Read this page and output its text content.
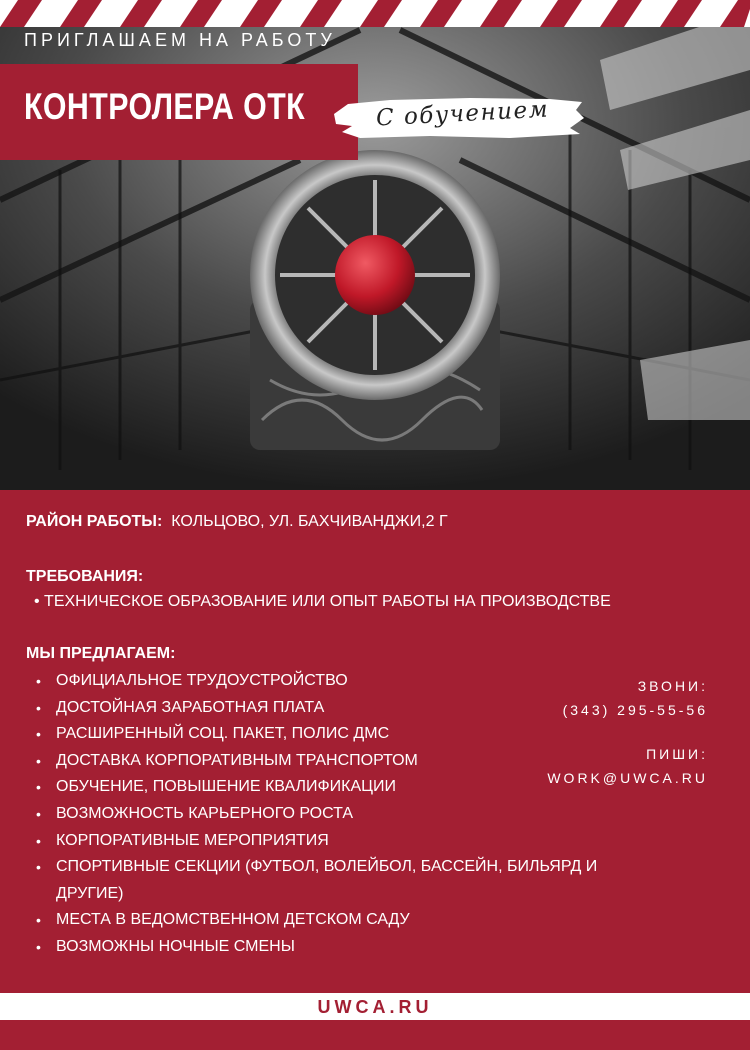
ПРИГЛАШАЕМ НА РАБОТУ
КОНТРОЛЕРА ОТК	С обучением
РАЙОН РАБОТЫ: КОЛЬЦОВО, УЛ. БАХЧИВАНДЖИ,2 Г
ТРЕБОВАНИЯ:
• ТЕХНИЧЕСКОЕ ОБРАЗОВАНИЕ ИЛИ ОПЫТ РАБОТЫ НА ПРОИЗВОДСТВЕ
МЫ ПРЕДЛАГАЕМ:
• ОФИЦИАЛЬНОЕ ТРУДОУСТРОЙСТВО
• ДОСТОЙНАЯ ЗАРАБОТНАЯ ПЛАТА
• РАСШИРЕННЫЙ СОЦ. ПАКЕТ, ПОЛИС ДМС
• ДОСТАВКА КОРПОРАТИВНЫМ ТРАНСПОРТОМ
• ОБУЧЕНИЕ, ПОВЫШЕНИЕ КВАЛИФИКАЦИИ
• ВОЗМОЖНОСТЬ КАРЬЕРНОГО РОСТА
• КОРПОРАТИВНЫЕ МЕРОПРИЯТИЯ
• СПОРТИВНЫЕ СЕКЦИИ (ФУТБОЛ, ВОЛЕЙБОЛ, БАССЕЙН, БИЛЬЯРД И ДРУГИЕ)
• МЕСТА В ВЕДОМСТВЕННОМ ДЕТСКОМ САДУ
• ВОЗМОЖНЫ НОЧНЫЕ СМЕНЫ
ЗВОНИ:
(343) 295-55-56
ПИШИ:
WORK@UWCA.RU
UWCA.RU
